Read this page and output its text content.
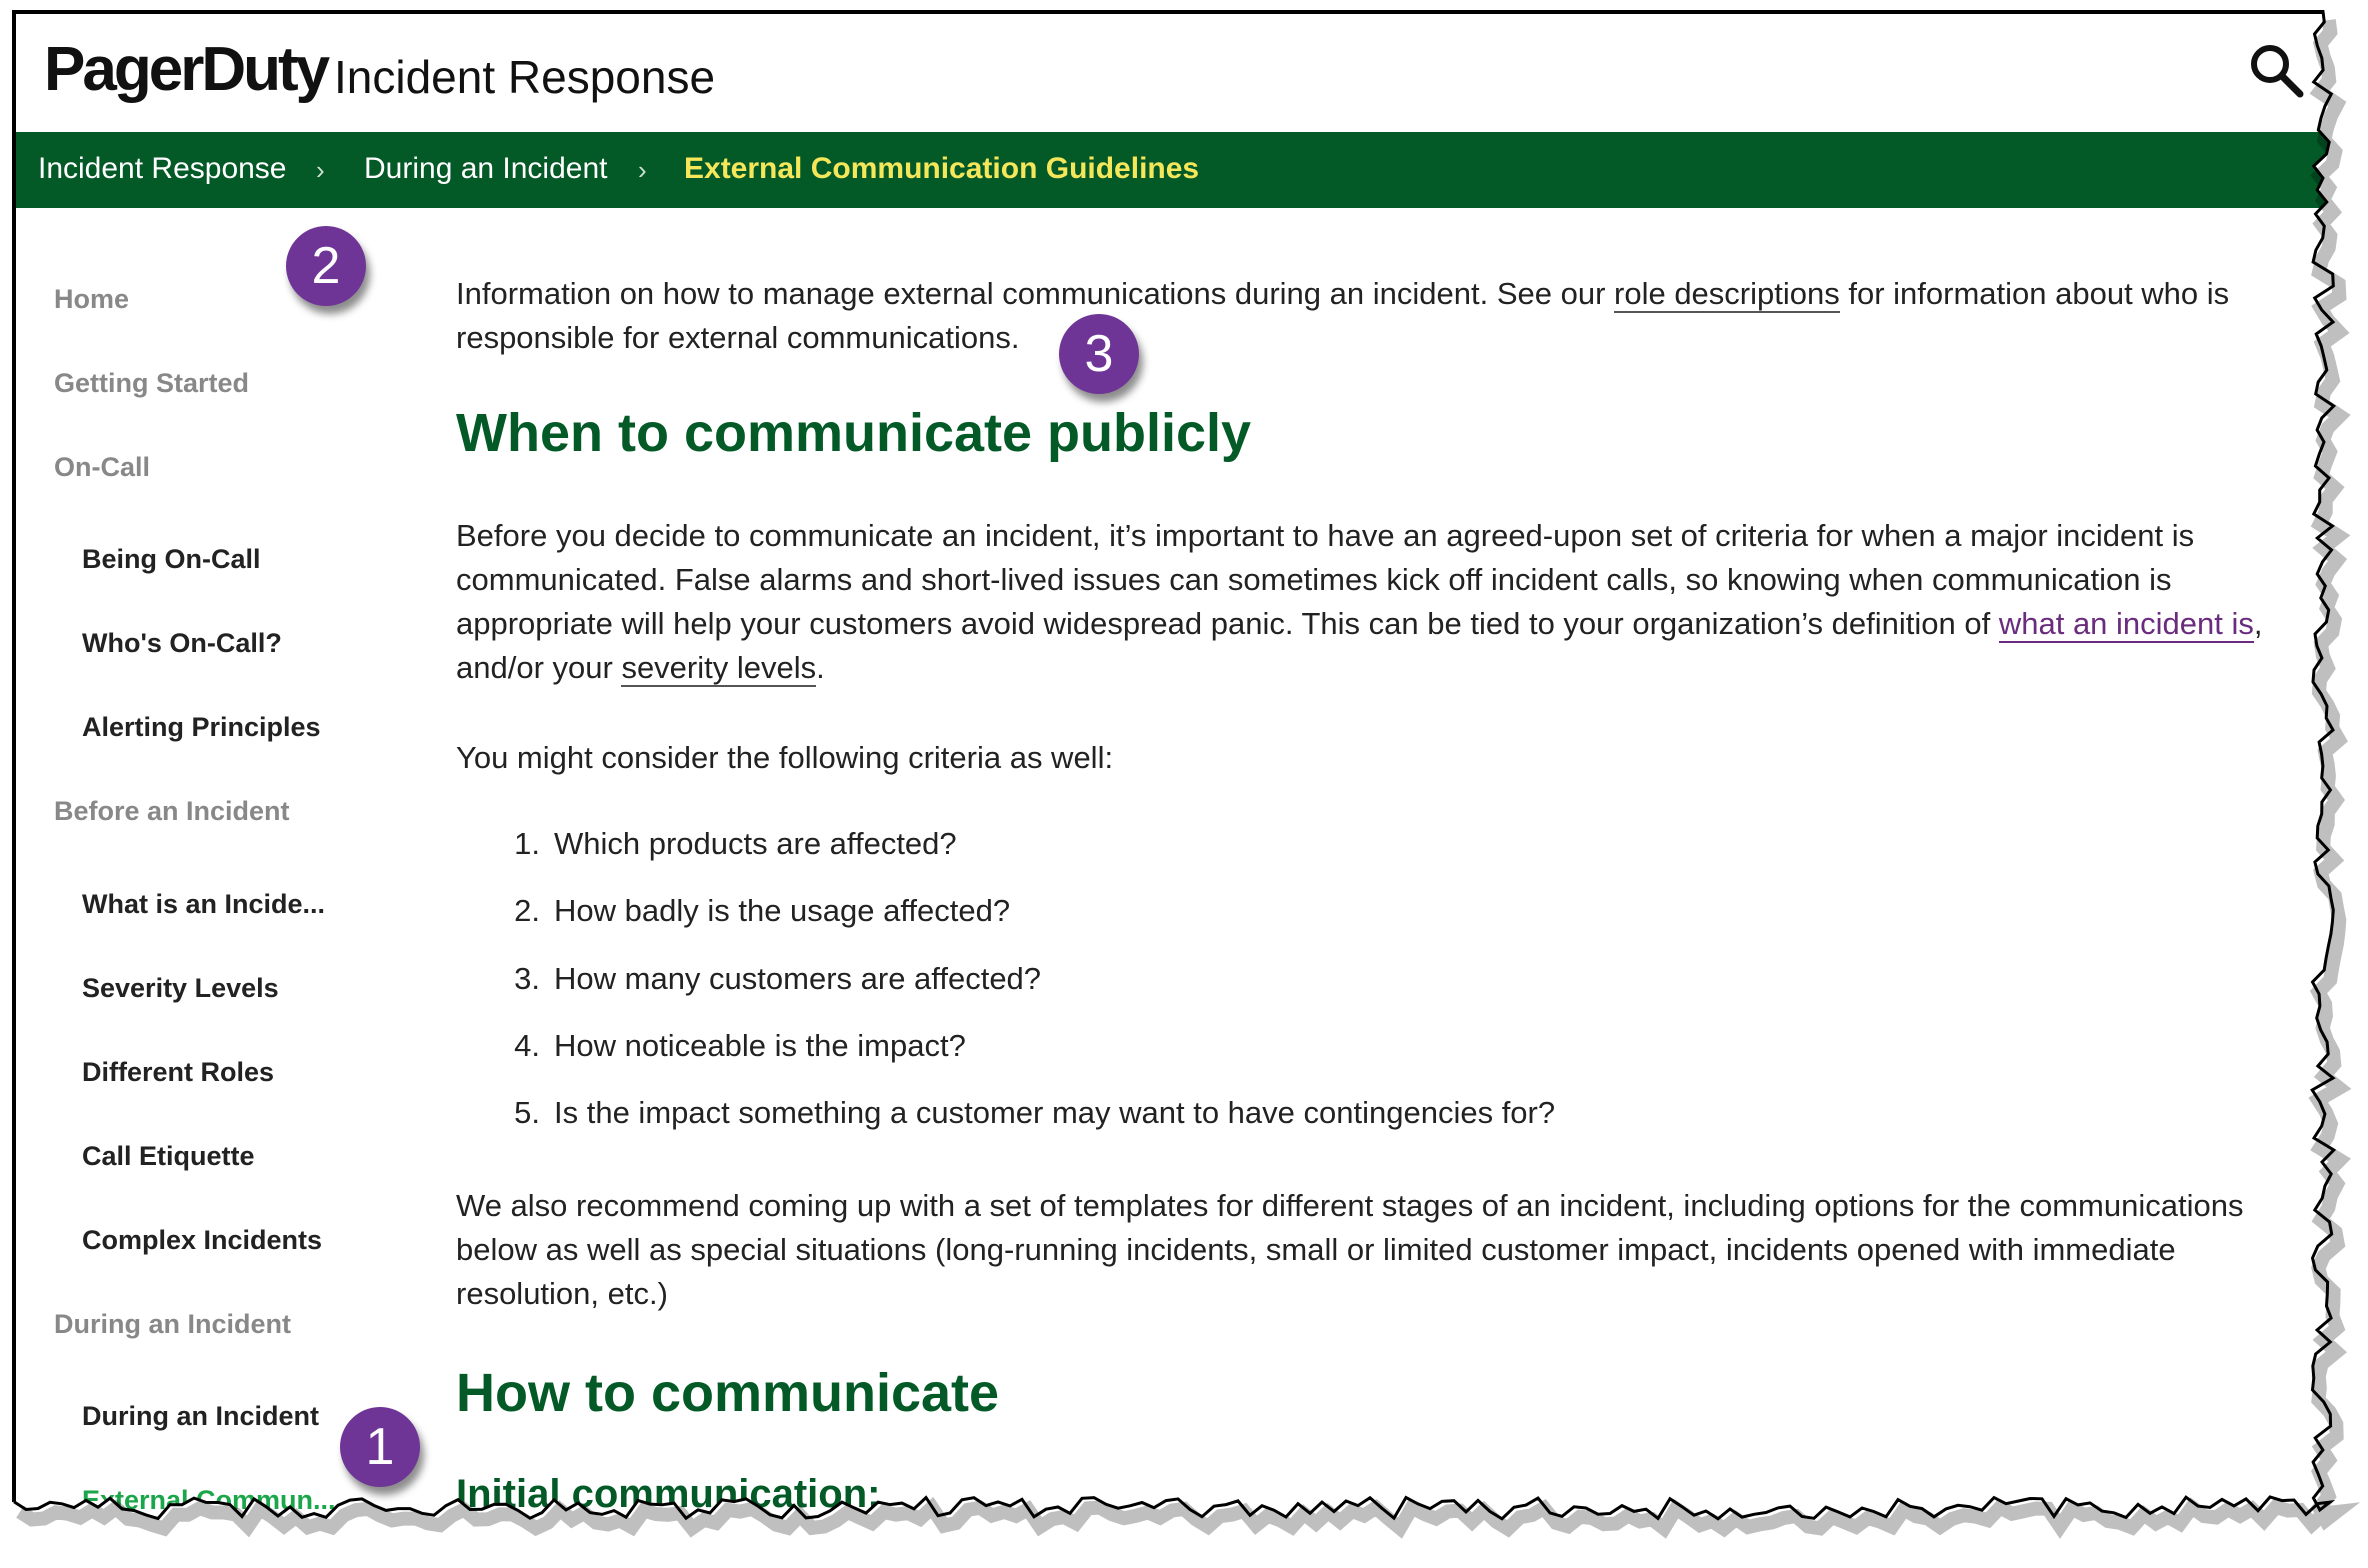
PagerDuty Incident Response
Incident Response › During an Incident › External Communication Guidelines
Home
Getting Started
On-Call
Being On-Call
Who's On-Call?
Alerting Principles
Before an Incident
What is an Incide...
Severity Levels
Different Roles
Call Etiquette
Complex Incidents
During an Incident
During an Incident
External Commun...
Information on how to manage external communications during an incident. See our role descriptions for information about who is responsible for external communications.
When to communicate publicly
Before you decide to communicate an incident, it’s important to have an agreed-upon set of criteria for when a major incident is communicated. False alarms and short-lived issues can sometimes kick off incident calls, so knowing when communication is appropriate will help your customers avoid widespread panic. This can be tied to your organization’s definition of what an incident is, and/or your severity levels.
You might consider the following criteria as well:
1. Which products are affected?
2. How badly is the usage affected?
3. How many customers are affected?
4. How noticeable is the impact?
5. Is the impact something a customer may want to have contingencies for?
We also recommend coming up with a set of templates for different stages of an incident, including options for the communications below as well as special situations (long-running incidents, small or limited customer impact, incidents opened with immediate resolution, etc.)
How to communicate
Initial communication:
2
3
1
